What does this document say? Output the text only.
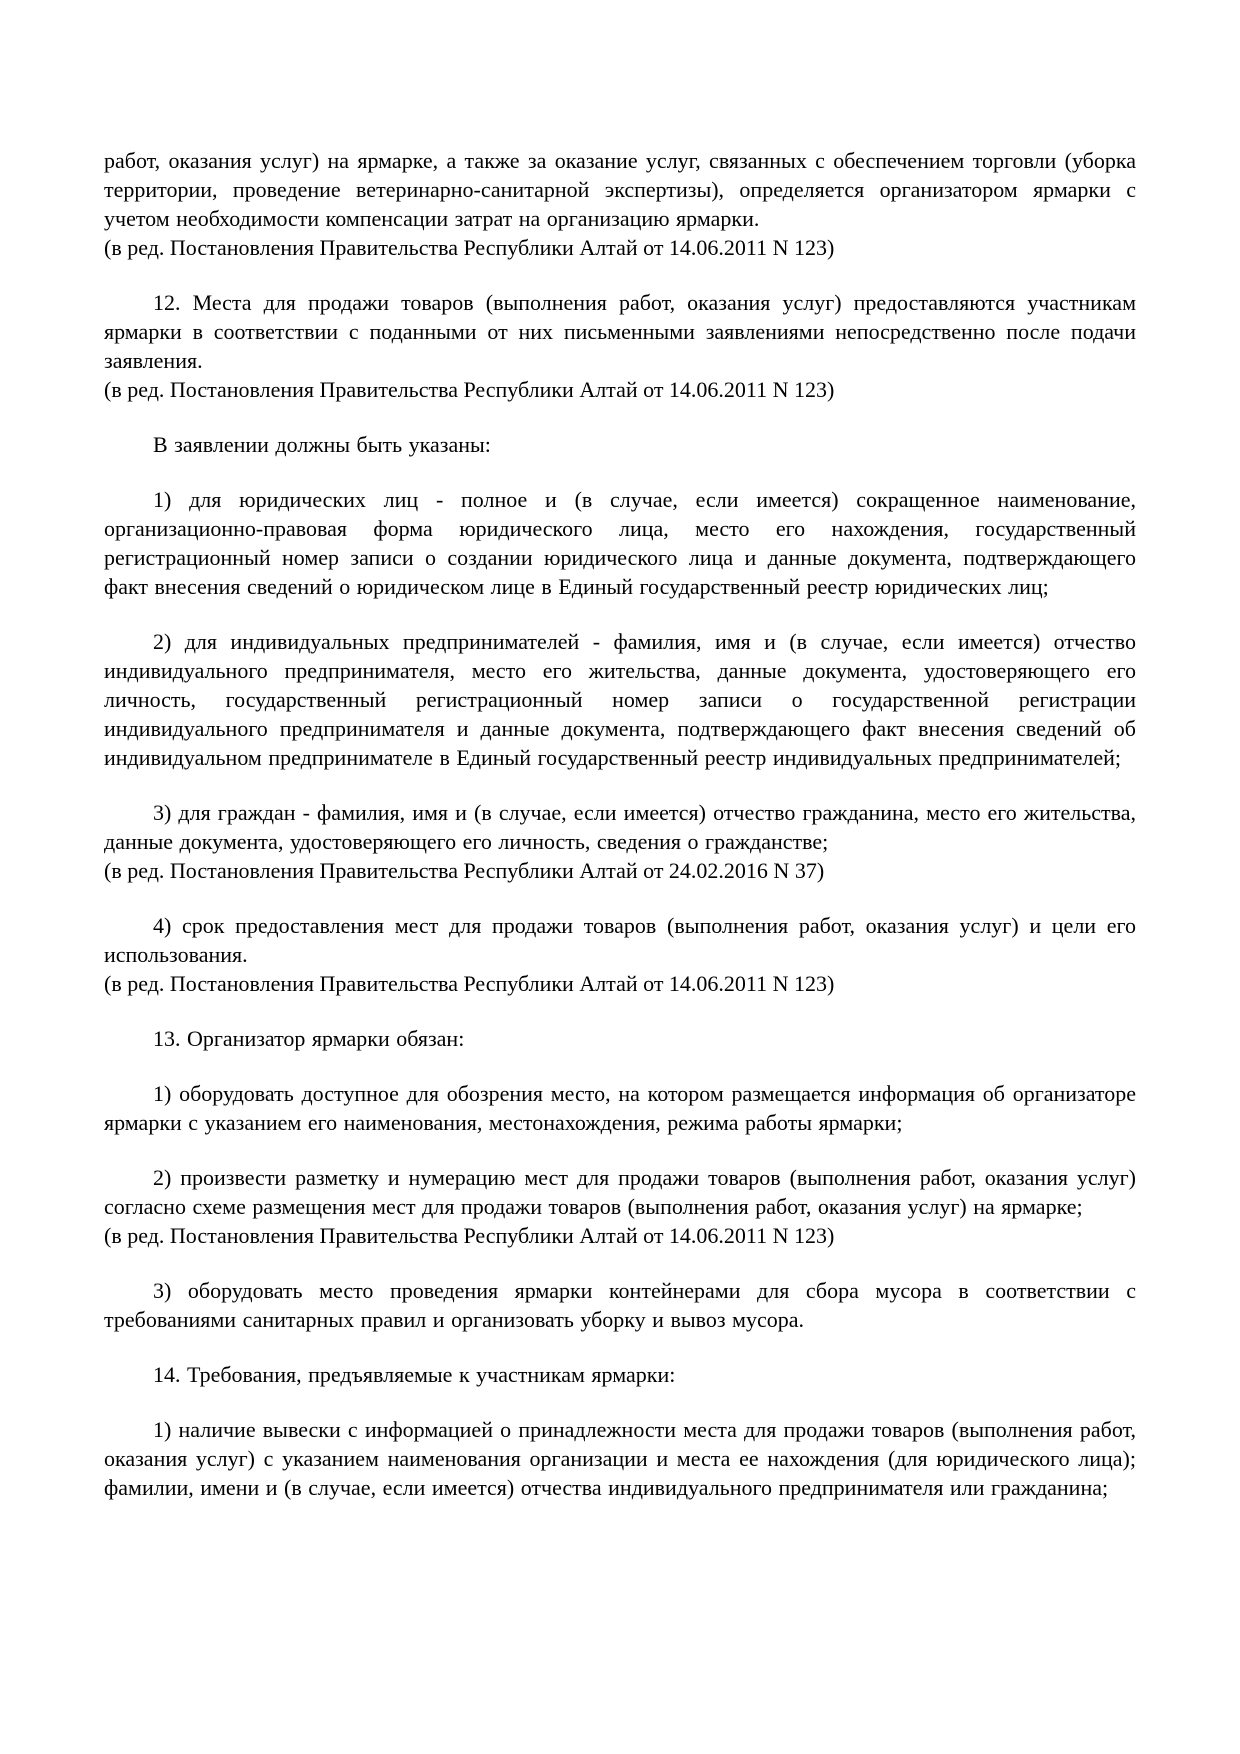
работ, оказания услуг) на ярмарке, а также за оказание услуг, связанных с обеспечением торговли (уборка территории, проведение ветеринарно-санитарной экспертизы), определяется организатором ярмарки с учетом необходимости компенсации затрат на организацию ярмарки.

(в ред. Постановления Правительства Республики Алтай от 14.06.2011 N 123)

12. Места для продажи товаров (выполнения работ, оказания услуг) предоставляются участникам ярмарки в соответствии с поданными от них письменными заявлениями непосредственно после подачи заявления.

(в ред. Постановления Правительства Республики Алтай от 14.06.2011 N 123)

В заявлении должны быть указаны:

1) для юридических лиц - полное и (в случае, если имеется) сокращенное наименование, организационно-правовая форма юридического лица, место его нахождения, государственный регистрационный номер записи о создании юридического лица и данные документа, подтверждающего факт внесения сведений о юридическом лице в Единый государственный реестр юридических лиц;

2) для индивидуальных предпринимателей - фамилия, имя и (в случае, если имеется) отчество индивидуального предпринимателя, место его жительства, данные документа, удостоверяющего его личность, государственный регистрационный номер записи о государственной регистрации индивидуального предпринимателя и данные документа, подтверждающего факт внесения сведений об индивидуальном предпринимателе в Единый государственный реестр индивидуальных предпринимателей;

3) для граждан - фамилия, имя и (в случае, если имеется) отчество гражданина, место его жительства, данные документа, удостоверяющего его личность, сведения о гражданстве;

(в ред. Постановления Правительства Республики Алтай от 24.02.2016 N 37)

4) срок предоставления мест для продажи товаров (выполнения работ, оказания услуг) и цели его использования.

(в ред. Постановления Правительства Республики Алтай от 14.06.2011 N 123)

13. Организатор ярмарки обязан:

1) оборудовать доступное для обозрения место, на котором размещается информация об организаторе ярмарки с указанием его наименования, местонахождения, режима работы ярмарки;

2) произвести разметку и нумерацию мест для продажи товаров (выполнения работ, оказания услуг) согласно схеме размещения мест для продажи товаров (выполнения работ, оказания услуг) на ярмарке;

(в ред. Постановления Правительства Республики Алтай от 14.06.2011 N 123)

3) оборудовать место проведения ярмарки контейнерами для сбора мусора в соответствии с требованиями санитарных правил и организовать уборку и вывоз мусора.

14. Требования, предъявляемые к участникам ярмарки:

1) наличие вывески с информацией о принадлежности места для продажи товаров (выполнения работ, оказания услуг) с указанием наименования организации и места ее нахождения (для юридического лица); фамилии, имени и (в случае, если имеется) отчества индивидуального предпринимателя или гражданина;
